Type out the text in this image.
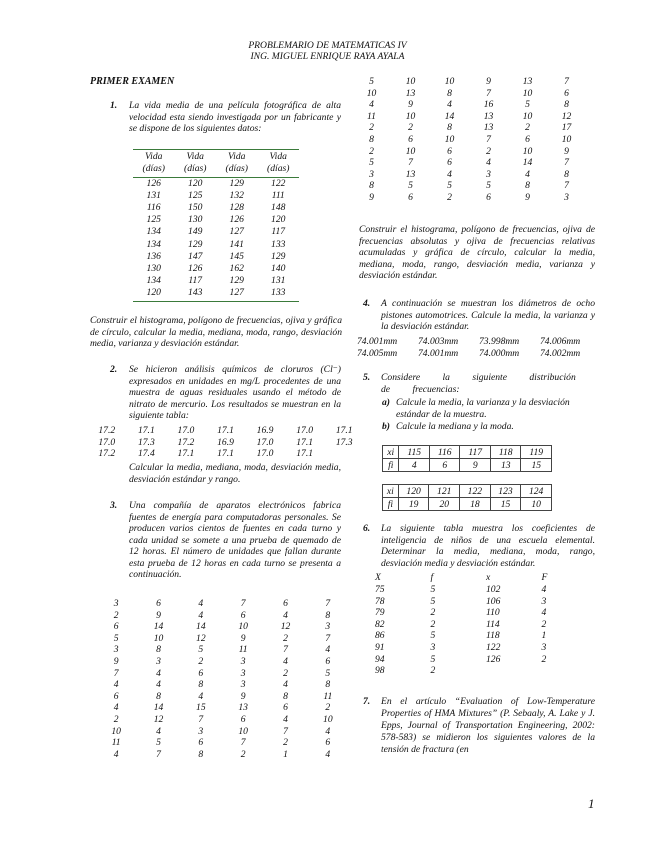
PROBLEMARIO DE MATEMATICAS IV
ING. MIGUEL ENRIQUE RAYA AYALA
PRIMER EXAMEN
1. La vida media de una película fotográfica de alta velocidad esta siendo investigada por un fabricante y se dispone de los siguientes datos:
Vida	Vida	Vida	Vida
(días)	(días)	(días)	(días)
126	120	129	122
131	125	132	111
116	150	128	148
125	130	126	120
134	149	127	117
134	129	141	133
136	147	145	129
130	126	162	140
134	117	129	131
120	143	127	133
Construir el histograma, polígono de frecuencias, ojiva y gráfica de círculo, calcular la media, mediana, moda, rango, desviación media, varianza y desviación estándar.
2. Se hicieron análisis químicos de cloruros (Cl⁻) expresados en unidades en mg/L procedentes de una muestra de aguas residuales usando el método de nitrato de mercurio. Los resultados se muestran en la siguiente tabla:
17.2	17.1	17.0	17.1	16.9	17.0	17.1
17.0	17.3	17.2	16.9	17.0	17.1	17.3
17.2	17.4	17.1	17.1	17.0	17.1
Calcular la media, mediana, moda, desviación media, desviación estándar y rango.
3. Una compañía de aparatos electrónicos fabrica fuentes de energía para computadoras personales. Se producen varios cientos de fuentes en cada turno y cada unidad se somete a una prueba de quemado de 12 horas. El número de unidades que fallan durante esta prueba de 12 horas en cada turno se presenta a continuación.
3	6	4	7	6	7
2	9	4	6	4	8
6	14	14	10	12	3
5	10	12	9	2	7
3	8	5	11	7	4
9	3	2	3	4	6
7	4	6	3	2	5
4	4	8	3	4	8
6	8	4	9	8	11
4	14	15	13	6	2
2	12	7	6	4	10
10	4	3	10	7	4
11	5	6	7	2	6
4	7	8	2	1	4
5	10	10	9	13	7
10	13	8	7	10	6
4	9	4	16	5	8
11	10	14	13	10	12
2	2	8	13	2	17
8	6	10	7	6	10
2	10	6	2	10	9
5	7	6	4	14	7
3	13	4	3	4	8
8	5	5	5	8	7
9	6	2	6	9	3
Construir el histograma, polígono de frecuencias, ojiva de frecuencias absolutas y ojiva de frecuencias relativas acumuladas y gráfica de círculo, calcular la media, mediana, moda, rango, desviación media, varianza y desviación estándar.
4. A continuación se muestran los diámetros de ocho pistones automotrices. Calcule la media, la varianza y la desviación estándar.
74.001mm	74.003mm	73.998mm	74.006mm
74.005mm	74.001mm	74.000mm	74.002mm
5. Considere la siguiente distribución de frecuencias:
a) Calcule la media, la varianza y la desviación estándar de la muestra.
b) Calcule la mediana y la moda.
xi	115	116	117	118	119
fi	4	6	9	13	15
xi	120	121	122	123	124
fi	19	20	18	15	10
6. La siguiente tabla muestra los coeficientes de inteligencia de niños de una escuela elemental. Determinar la media, mediana, moda, rango, desviación media y desviación estándar.
X	f	x	F
75	5	102	4
78	5	106	3
79	2	110	4
82	2	114	2
86	5	118	1
91	3	122	3
94	5	126	2
98	2
7. En el artículo “Evaluation of Low-Temperature Properties of HMA Mixtures” (P. Sebaaly, A. Lake y J. Epps, Journal of Transportation Engineering, 2002: 578-583) se midieron los siguientes valores de la tensión de fractura (en
1
